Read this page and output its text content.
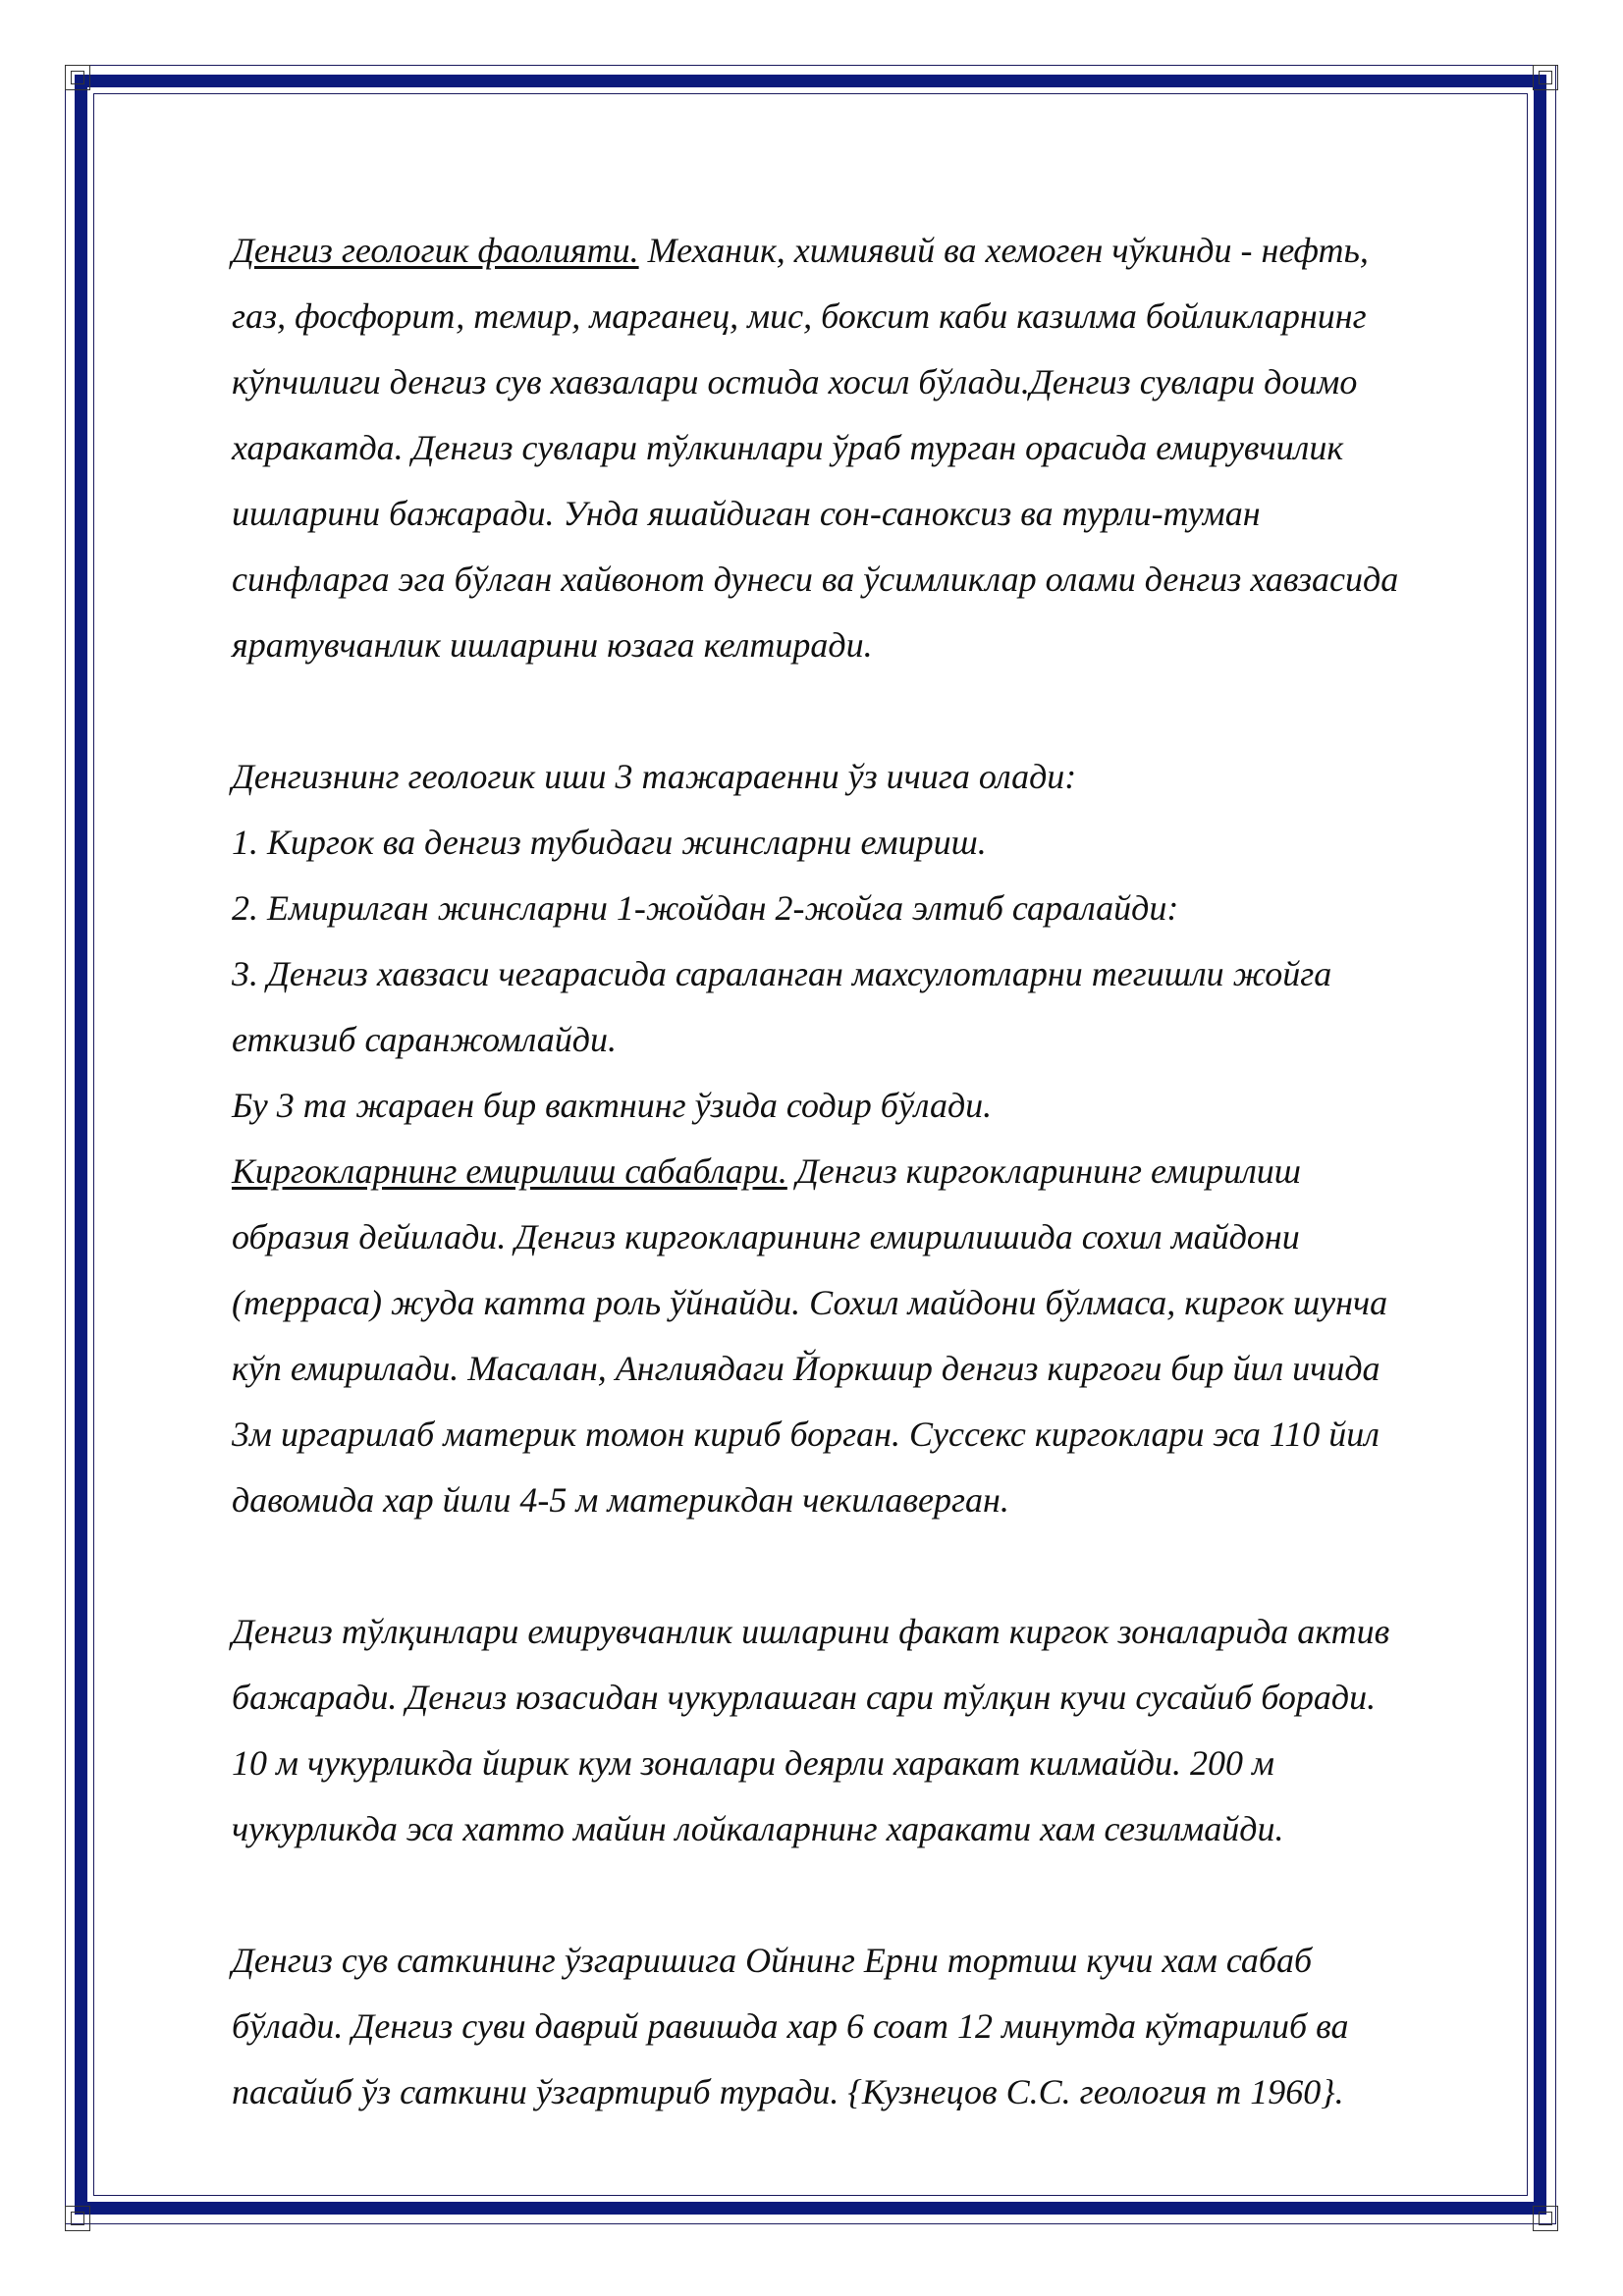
Денгиз геологик фаолияти. Механик, химиявий ва хемоген чўкинди - нефть,
газ, фосфорит, темир, марганец, мис, боксит каби казилма бойликларнинг
кўпчилиги денгиз сув хавзалари остида хосил бўлади.Денгиз сувлари доимо
харакатда. Денгиз сувлари тўлкинлари ўраб турган орасида емирувчилик
ишларини бажаради. Унда яшайдиган сон-саноксиз ва турли-туман
синфларга эга бўлган хайвонот дунеси ва ўсимликлар олами денгиз хавзасида
яратувчанлик ишларини юзага келтиради.
Денгизнинг геологик иши 3 тажараенни ўз ичига олади:
1. Киргок ва денгиз тубидаги жинсларни емириш.
2. Емирилган жинсларни 1-жойдан 2-жойга элтиб саралайди:
3. Денгиз хавзаси чегарасида сараланган махсулотларни тегишли жойга
еткизиб саранжомлайди.
Бу 3 та жараен бир вактнинг ўзида содир бўлади.
Киргокларнинг емирилиш сабаблари. Денгиз киргокларининг емирилиш
образия дейилади. Денгиз киргокларининг емирилишида сохил майдони
(терраса) жуда катта роль ўйнайди. Сохил майдони бўлмаса, киргок шунча
кўп емирилади. Масалан, Англиядаги Йоркшир денгиз киргоги бир йил ичида
3м иргарилаб материк томон кириб борган. Суссекс киргоклари эса 110 йил
давомида хар йили 4-5 м материкдан чекилаверган.
Денгиз тўлқинлари емирувчанлик ишларини факат киргок зоналарида актив
бажаради. Денгиз юзасидан чукурлашган сари тўлқин кучи сусайиб боради.
10 м чукурликда йирик кум зоналари деярли харакат килмайди. 200 м
чукурликда эса хатто майин лойкаларнинг харакати хам сезилмайди.
Денгиз сув саткининг ўзгаришига Ойнинг Ерни тортиш кучи хам сабаб
бўлади. Денгиз суви даврий равишда хар 6 соат 12 минутда кўтарилиб ва
пасайиб ўз саткини ўзгартириб туради. {Кузнецов С.С. геология т 1960}.
